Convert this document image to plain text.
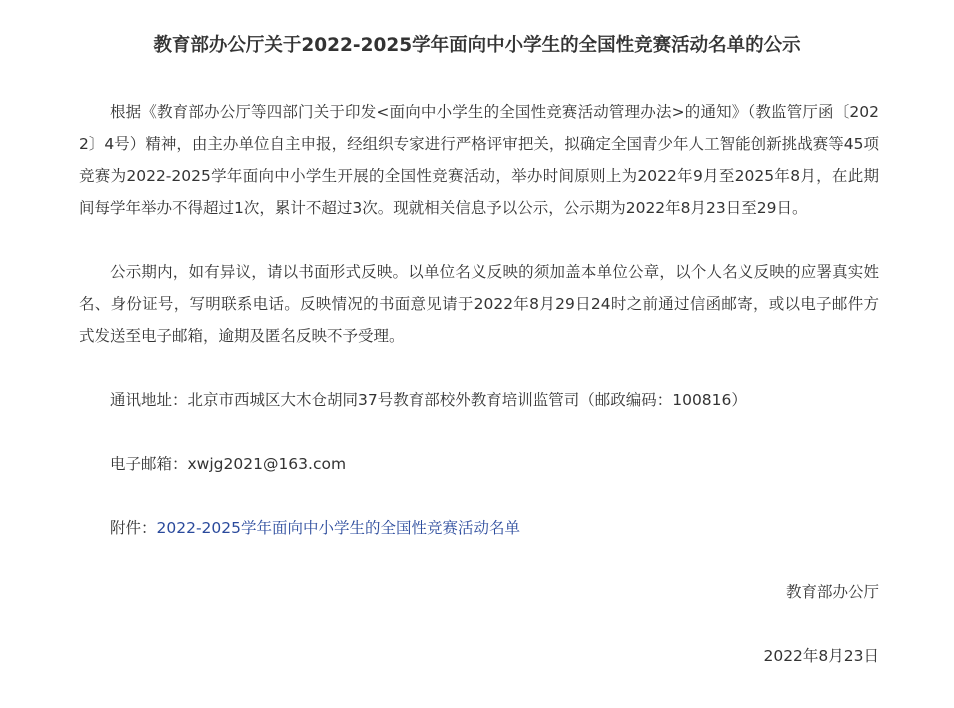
教育部办公厅关于2022-2025学年面向中小学生的全国性竞赛活动名单的公示

根据《教育部办公厅等四部门关于印发<面向中小学生的全国性竞赛活动管理办法>的通知》（教监管厅函〔2022〕4号）精神，由主办单位自主申报，经组织专家进行严格评审把关，拟确定全国青少年人工智能创新挑战赛等45项竞赛为2022-2025学年面向中小学生开展的全国性竞赛活动，举办时间原则上为2022年9月至2025年8月，在此期间每学年举办不得超过1次，累计不超过3次。现就相关信息予以公示，公示期为2022年8月23日至29日。

公示期内，如有异议，请以书面形式反映。以单位名义反映的须加盖本单位公章，以个人名义反映的应署真实姓名、身份证号，写明联系电话。反映情况的书面意见请于2022年8月29日24时之前通过信函邮寄，或以电子邮件方式发送至电子邮箱，逾期及匿名反映不予受理。

通讯地址：北京市西城区大木仓胡同37号教育部校外教育培训监管司（邮政编码：100816）

电子邮箱：xwjg2021@163.com

附件：2022-2025学年面向中小学生的全国性竞赛活动名单

教育部办公厅

2022年8月23日
